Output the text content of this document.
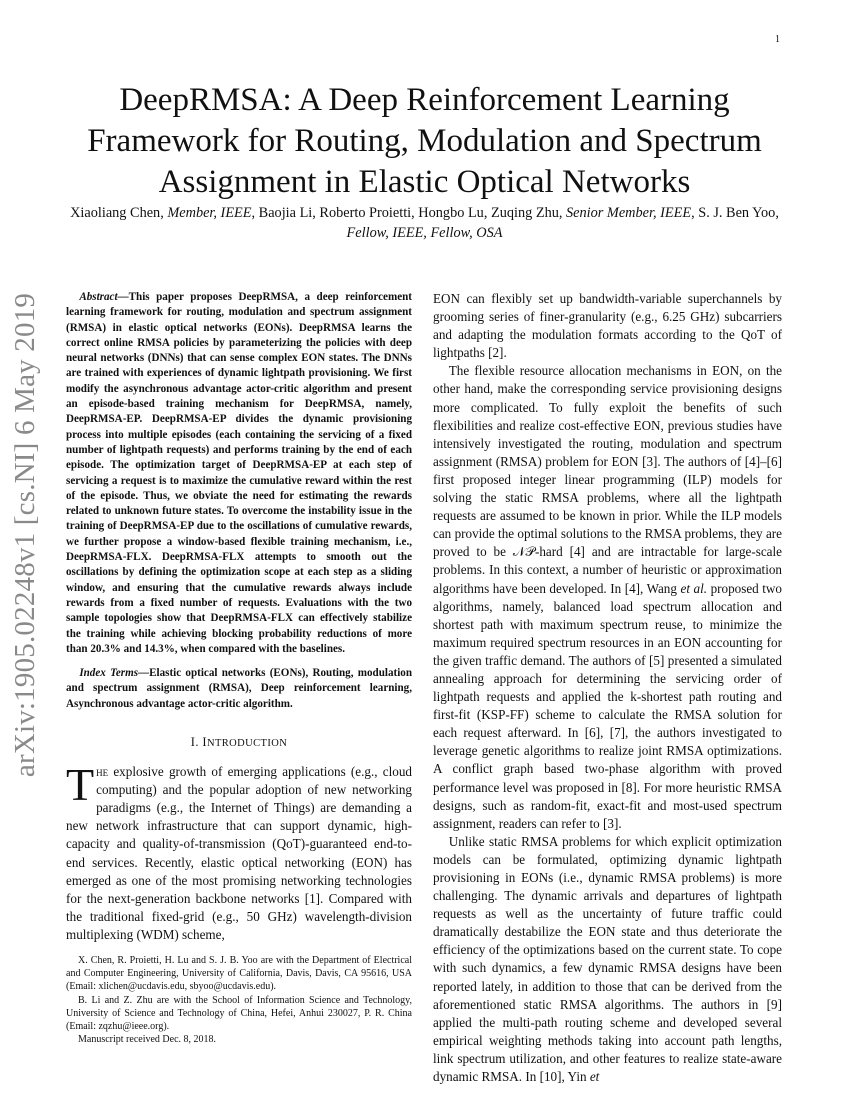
1
arXiv:1905.02248v1 [cs.NI] 6 May 2019
DeepRMSA: A Deep Reinforcement Learning Framework for Routing, Modulation and Spectrum Assignment in Elastic Optical Networks

Xiaoliang Chen, Member, IEEE, Baojia Li, Roberto Proietti, Hongbo Lu, Zuqing Zhu, Senior Member, IEEE, S. J. Ben Yoo, Fellow, IEEE, Fellow, OSA

Abstract—This paper proposes DeepRMSA, a deep reinforcement learning framework for routing, modulation and spectrum assignment (RMSA) in elastic optical networks (EONs). DeepRMSA learns the correct online RMSA policies by parameterizing the policies with deep neural networks (DNNs) that can sense complex EON states. The DNNs are trained with experiences of dynamic lightpath provisioning. We first modify the asynchronous advantage actor-critic algorithm and present an episode-based training mechanism for DeepRMSA, namely, DeepRMSA-EP. DeepRMSA-EP divides the dynamic provisioning process into multiple episodes (each containing the servicing of a fixed number of lightpath requests) and performs training by the end of each episode. The optimization target of DeepRMSA-EP at each step of servicing a request is to maximize the cumulative reward within the rest of the episode. Thus, we obviate the need for estimating the rewards related to unknown future states. To overcome the instability issue in the training of DeepRMSA-EP due to the oscillations of cumulative rewards, we further propose a window-based flexible training mechanism, i.e., DeepRMSA-FLX. DeepRMSA-FLX attempts to smooth out the oscillations by defining the optimization scope at each step as a sliding window, and ensuring that the cumulative rewards always include rewards from a fixed number of requests. Evaluations with the two sample topologies show that DeepRMSA-FLX can effectively stabilize the training while achieving blocking probability reductions of more than 20.3% and 14.3%, when compared with the baselines.

Index Terms—Elastic optical networks (EONs), Routing, modulation and spectrum assignment (RMSA), Deep reinforcement learning, Asynchronous advantage actor-critic algorithm.

I. INTRODUCTION

The explosive growth of emerging applications (e.g., cloud computing) and the popular adoption of new networking paradigms (e.g., the Internet of Things) are demanding a new network infrastructure that can support dynamic, high-capacity and quality-of-transmission (QoT)-guaranteed end-to-end services. Recently, elastic optical networking (EON) has emerged as one of the most promising networking technologies for the next-generation backbone networks [1]. Compared with the traditional fixed-grid (e.g., 50 GHz) wavelength-division multiplexing (WDM) scheme,

X. Chen, R. Proietti, H. Lu and S. J. B. Yoo are with the Department of Electrical and Computer Engineering, University of California, Davis, Davis, CA 95616, USA (Email: xlichen@ucdavis.edu, sbyoo@ucdavis.edu).

B. Li and Z. Zhu are with the School of Information Science and Technology, University of Science and Technology of China, Hefei, Anhui 230027, P. R. China (Email: zqzhu@ieee.org).

Manuscript received Dec. 8, 2018.

EON can flexibly set up bandwidth-variable superchannels by grooming series of finer-granularity (e.g., 6.25 GHz) subcarriers and adapting the modulation formats according to the QoT of lightpaths [2].

The flexible resource allocation mechanisms in EON, on the other hand, make the corresponding service provisioning designs more complicated. To fully exploit the benefits of such flexibilities and realize cost-effective EON, previous studies have intensively investigated the routing, modulation and spectrum assignment (RMSA) problem for EON [3]. The authors of [4]–[6] first proposed integer linear programming (ILP) models for solving the static RMSA problems, where all the lightpath requests are assumed to be known in prior. While the ILP models can provide the optimal solutions to the RMSA problems, they are proved to be 𝒩𝒫-hard [4] and are intractable for large-scale problems. In this context, a number of heuristic or approximation algorithms have been developed. In [4], Wang et al. proposed two algorithms, namely, balanced load spectrum allocation and shortest path with maximum spectrum reuse, to minimize the maximum required spectrum resources in an EON accounting for the given traffic demand. The authors of [5] presented a simulated annealing approach for determining the servicing order of lightpath requests and applied the k-shortest path routing and first-fit (KSP-FF) scheme to calculate the RMSA solution for each request afterward. In [6], [7], the authors investigated to leverage genetic algorithms to realize joint RMSA optimizations. A conflict graph based two-phase algorithm with proved performance level was proposed in [8]. For more heuristic RMSA designs, such as random-fit, exact-fit and most-used spectrum assignment, readers can refer to [3].

Unlike static RMSA problems for which explicit optimization models can be formulated, optimizing dynamic lightpath provisioning in EONs (i.e., dynamic RMSA problems) is more challenging. The dynamic arrivals and departures of lightpath requests as well as the uncertainty of future traffic could dramatically destabilize the EON state and thus deteriorate the efficiency of the optimizations based on the current state. To cope with such dynamics, a few dynamic RMSA designs have been reported lately, in addition to those that can be derived from the aforementioned static RMSA algorithms. The authors in [9] applied the multi-path routing scheme and developed several empirical weighting methods taking into account path lengths, link spectrum utilization, and other features to realize state-aware dynamic RMSA. In [10], Yin et
